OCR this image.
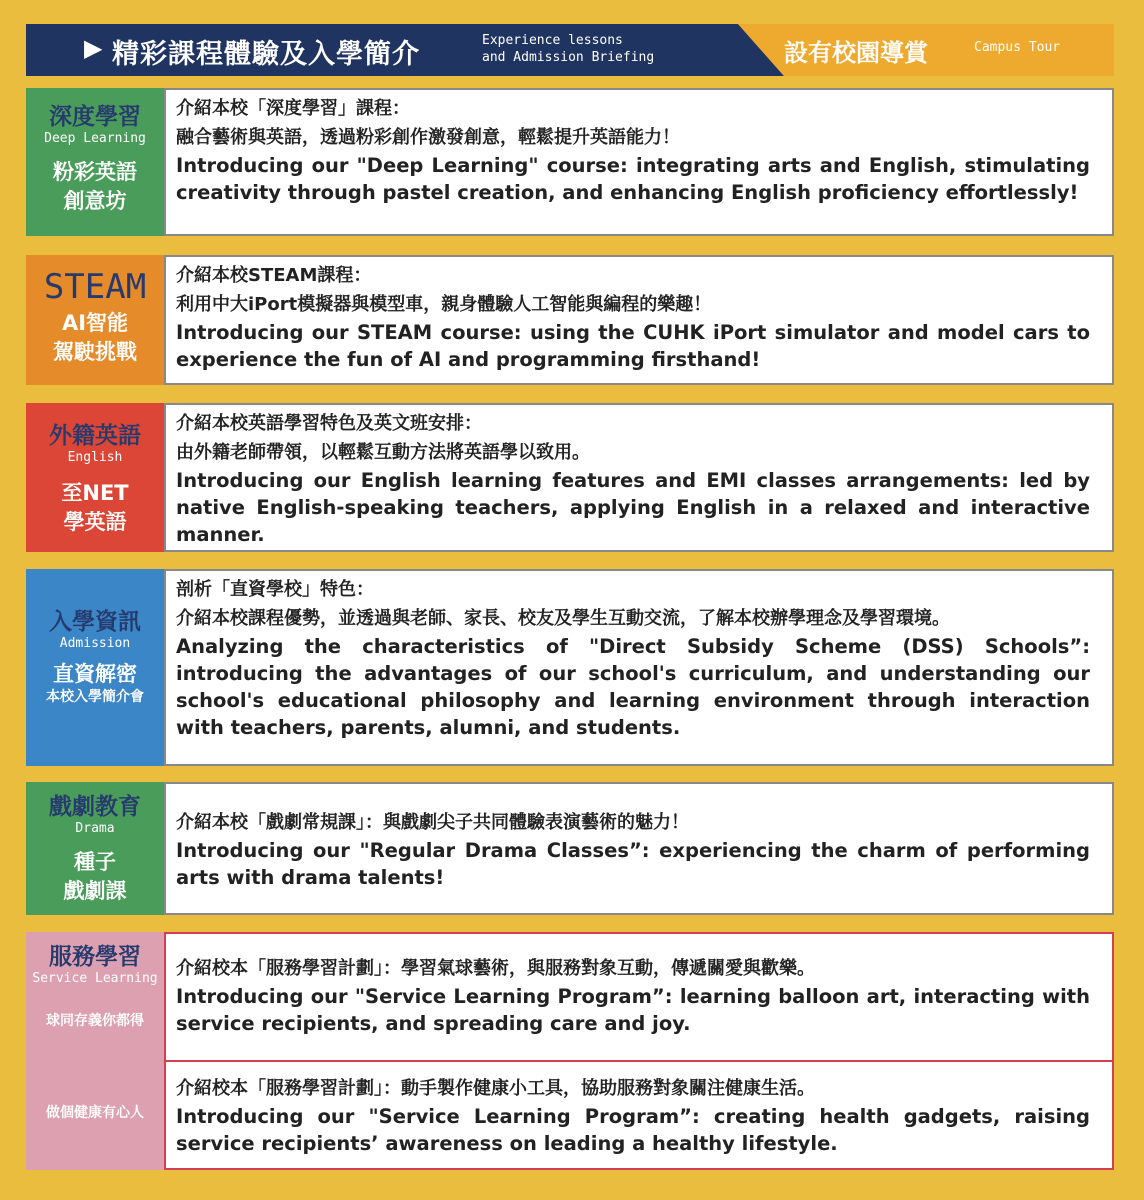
▶ 精彩課程體驗及入學簡介	Experience lessons
and Admission Briefing	設有校園導賞	Campus Tour
深度學習
Deep Learning
粉彩英語
創意坊
介紹本校「深度學習」課程：
融合藝術與英語，透過粉彩創作激發創意，輕鬆提升英語能力！
Introducing our "Deep Learning" course: integrating arts and English, stimulating creativity through pastel creation, and enhancing English proficiency effortlessly!
STEAM
AI智能
駕駛挑戰
介紹本校STEAM課程：
利用中大iPort模擬器與模型車，親身體驗人工智能與編程的樂趣！
Introducing our STEAM course: using the CUHK iPort simulator and model cars to experience the fun of AI and programming firsthand!
外籍英語
English
至NET
學英語
介紹本校英語學習特色及英文班安排：
由外籍老師帶領，以輕鬆互動方法將英語學以致用。
Introducing our English learning features and EMI classes arrangements: led by native English-speaking teachers, applying English in a relaxed and interactive manner.
入學資訊
Admission
直資解密
本校入學簡介會
剖析「直資學校」特色：
介紹本校課程優勢，並透過與老師、家長、校友及學生互動交流，了解本校辦學理念及學習環境。
Analyzing the characteristics of "Direct Subsidy Scheme (DSS) Schools”: introducing the advantages of our school's curriculum, and understanding our school's educational philosophy and learning environment through interaction with teachers, parents, alumni, and students.
戲劇教育
Drama
種子
戲劇課
介紹本校「戲劇常規課」：與戲劇尖子共同體驗表演藝術的魅力！
Introducing our "Regular Drama Classes”: experiencing the charm of performing arts with drama talents!
服務學習
Service Learning
球同存義你都得
做個健康有心人
介紹校本「服務學習計劃」：學習氣球藝術，與服務對象互動，傳遞關愛與歡樂。
Introducing our "Service Learning Program”: learning balloon art, interacting with service recipients, and spreading care and joy.
介紹校本「服務學習計劃」：動手製作健康小工具，協助服務對象關注健康生活。
Introducing our "Service Learning Program”: creating health gadgets, raising service recipients’ awareness on leading a healthy lifestyle.
